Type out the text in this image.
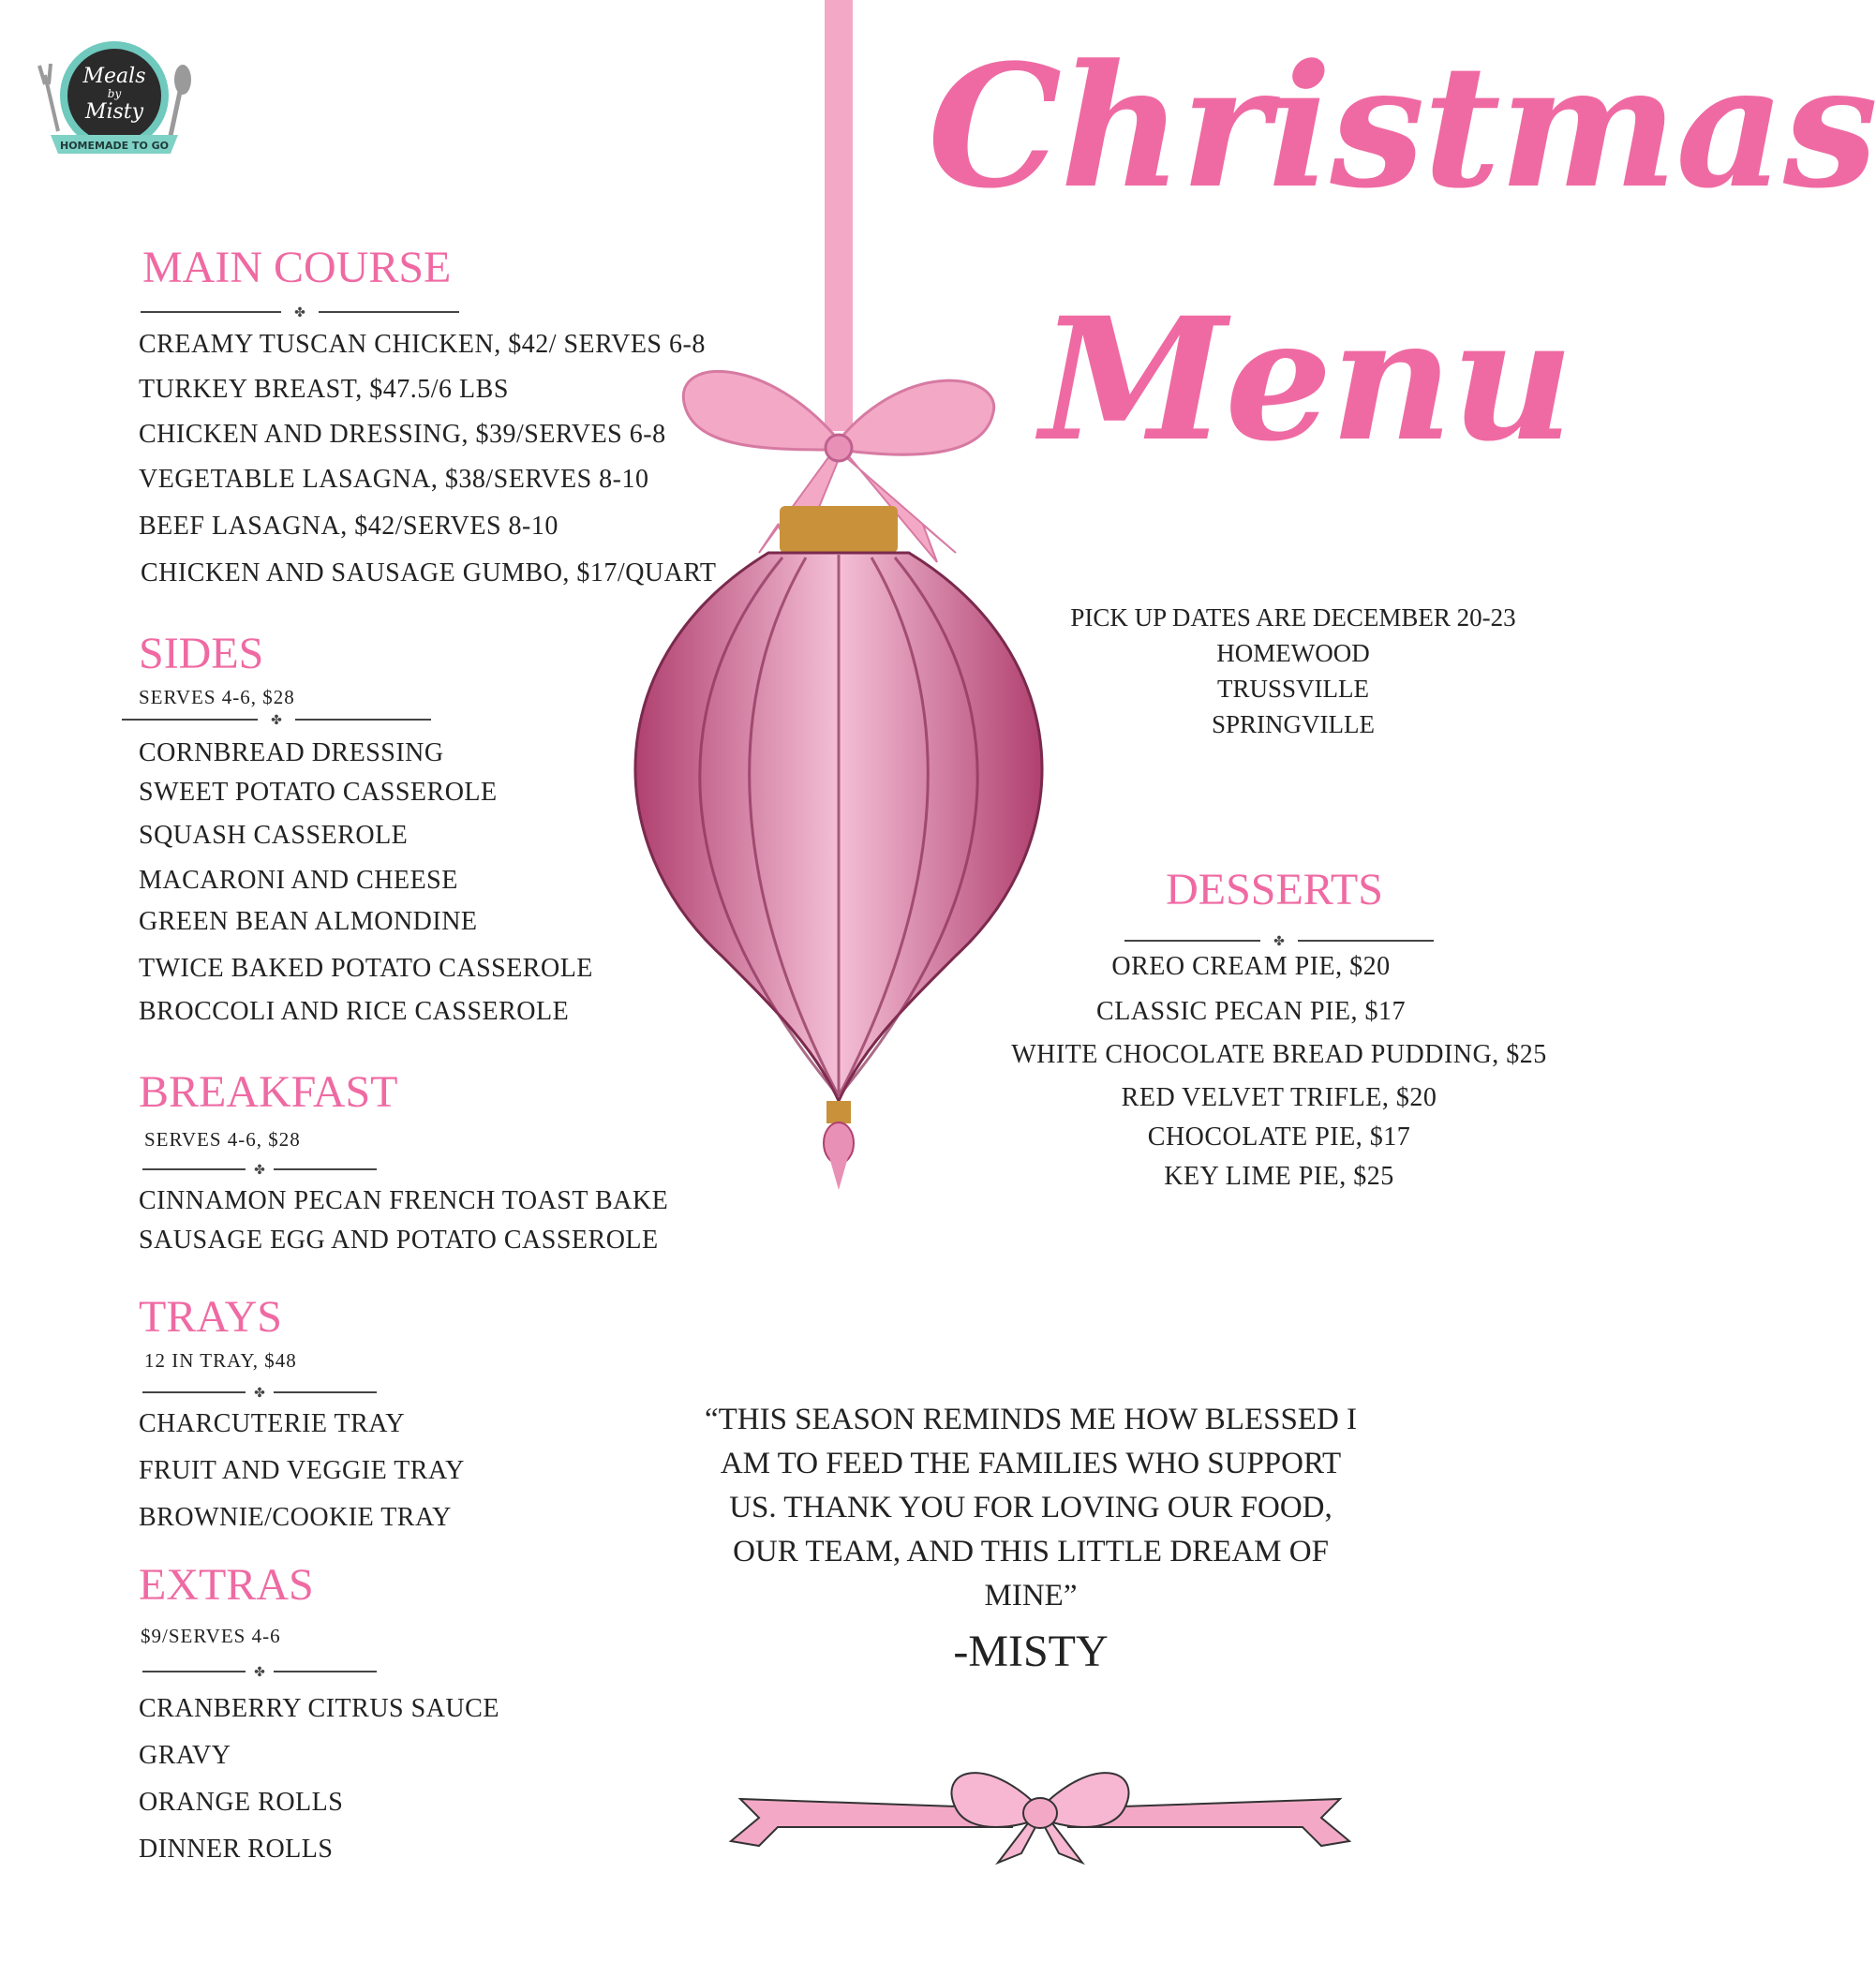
Meals
by
Misty
HOMEMADE TO GO	Christmas
Menu
MAIN COURSE
✤
CREAMY TUSCAN CHICKEN, $42/ SERVES 6-8
TURKEY BREAST, $47.5/6 LBS
CHICKEN AND DRESSING, $39/SERVES 6-8
VEGETABLE LASAGNA, $38/SERVES 8-10
BEEF LASAGNA, $42/SERVES 8-10
CHICKEN AND SAUSAGE GUMBO, $17/QUART
SIDES
SERVES 4-6, $28
✤
CORNBREAD DRESSING
SWEET POTATO CASSEROLE
SQUASH CASSEROLE
MACARONI AND CHEESE
GREEN BEAN ALMONDINE
TWICE BAKED POTATO CASSEROLE
BROCCOLI AND RICE CASSEROLE
BREAKFAST
SERVES 4-6, $28
✤
CINNAMON PECAN FRENCH TOAST BAKE
SAUSAGE EGG AND POTATO CASSEROLE
TRAYS
12 IN TRAY, $48
✤
CHARCUTERIE TRAY
FRUIT AND VEGGIE TRAY
BROWNIE/COOKIE TRAY
EXTRAS
$9/SERVES 4-6
✤
CRANBERRY CITRUS SAUCE
GRAVY
ORANGE ROLLS
DINNER ROLLS
PICK UP DATES ARE DECEMBER 20-23
HOMEWOOD
TRUSSVILLE
SPRINGVILLE
DESSERTS
✤
OREO CREAM PIE, $20
CLASSIC PECAN PIE, $17
WHITE CHOCOLATE BREAD PUDDING, $25
RED VELVET TRIFLE, $20
CHOCOLATE PIE, $17
KEY LIME PIE, $25
“THIS SEASON REMINDS ME HOW BLESSED I
AM TO FEED THE FAMILIES WHO SUPPORT
US. THANK YOU FOR LOVING OUR FOOD,
OUR TEAM, AND THIS LITTLE DREAM OF
MINE”
-MISTY
